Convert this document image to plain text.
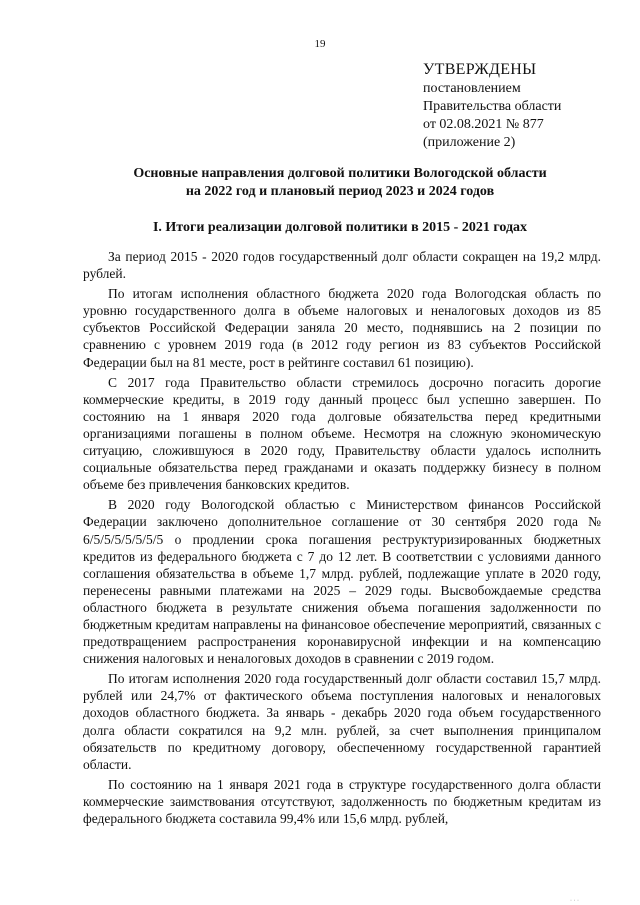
19
УТВЕРЖДЕНЫ
постановлением
Правительства области
от 02.08.2021 № 877
(приложение 2)
Основные направления долговой политики Вологодской области
на 2022 год и плановый период 2023 и 2024 годов
I. Итоги реализации долговой политики в 2015 - 2021 годах

За период 2015 - 2020 годов государственный долг области сокращен на 19,2 млрд. рублей.

По итогам исполнения областного бюджета 2020 года Вологодская область по уровню государственного долга в объеме налоговых и неналоговых доходов из 85 субъектов Российской Федерации заняла 20 место, поднявшись на 2 позиции по сравнению с уровнем 2019 года (в 2012 году регион из 83 субъектов Российской Федерации был на 81 месте, рост в рейтинге составил 61 позицию).

С 2017 года Правительство области стремилось досрочно погасить дорогие коммерческие кредиты, в 2019 году данный процесс был успешно завершен. По состоянию на 1 января 2020 года долговые обязательства перед кредитными организациями погашены в полном объеме. Несмотря на сложную экономическую ситуацию, сложившуюся в 2020 году, Правительству области удалось исполнить социальные обязательства перед гражданами и оказать поддержку бизнесу в полном объеме без привлечения банковских кредитов.

В 2020 году Вологодской областью с Министерством финансов Российской Федерации заключено дополнительное соглашение от 30 сентября 2020 года № 6/5/5/5/5/5/5/5 о продлении срока погашения реструктуризированных бюджетных кредитов из федерального бюджета с 7 до 12 лет. В соответствии с условиями данного соглашения обязательства в объеме 1,7 млрд. рублей, подлежащие уплате в 2020 году, перенесены равными платежами на 2025 – 2029 годы. Высвобождаемые средства областного бюджета в результате снижения объема погашения задолженности по бюджетным кредитам направлены на финансовое обеспечение мероприятий, связанных с предотвращением распространения коронавирусной инфекции и на компенсацию снижения налоговых и неналоговых доходов в сравнении с 2019 годом.

По итогам исполнения 2020 года государственный долг области составил 15,7 млрд. рублей или 24,7% от фактического объема поступления налоговых и неналоговых доходов областного бюджета. За январь - декабрь 2020 года объем государственного долга области сократился на 9,2 млн. рублей, за счет выполнения принципалом обязательств по кредитному договору, обеспеченному государственной гарантией области.

По состоянию на 1 января 2021 года в структуре государственного долга области коммерческие заимствования отсутствуют, задолженность по бюджетным кредитам из федерального бюджета составила 99,4% или 15,6 млрд. рублей,

· · ·
